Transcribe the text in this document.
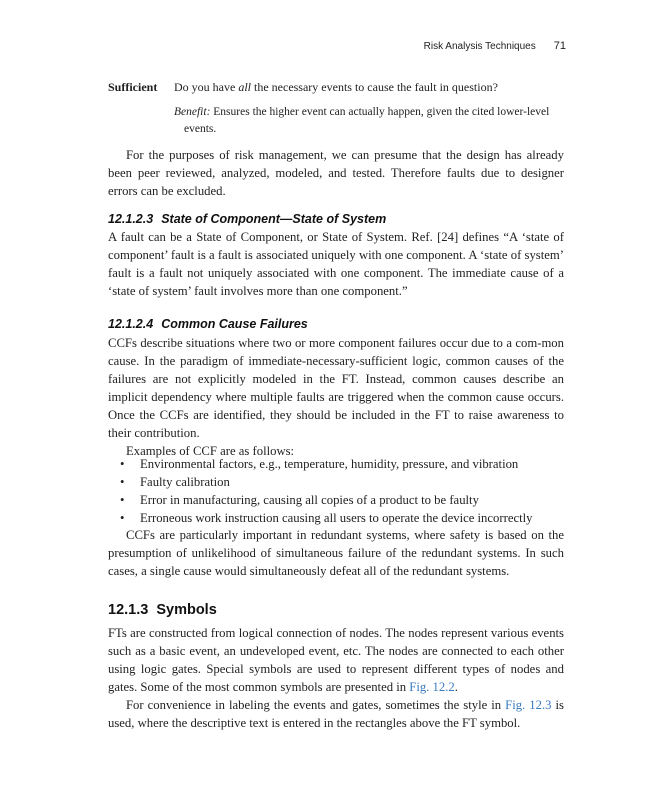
Risk Analysis Techniques 71
Sufficient	Do you have all the necessary events to cause the fault in question?
Benefit: Ensures the higher event can actually happen, given the cited lower-level
events.

For the purposes of risk management, we can presume that the design has already been peer reviewed, analyzed, modeled, and tested. Therefore faults due to designer errors can be excluded.

12.1.2.3 State of Component—State of System

A fault can be a State of Component, or State of System. Ref. [24] defines “A ‘state of component’ fault is a fault is associated uniquely with one component. A ‘state of system’ fault is a fault not uniquely associated with one component. The immediate cause of a ‘state of system’ fault involves more than one component.”

12.1.2.4 Common Cause Failures

CCFs describe situations where two or more component failures occur due to a com-mon cause. In the paradigm of immediate-necessary-sufficient logic, common causes of the failures are not explicitly modeled in the FT. Instead, common causes describe an implicit dependency where multiple faults are triggered when the common cause occurs. Once the CCFs are identified, they should be included in the FT to raise awareness to their contribution.

Examples of CCF are as follows:

• Environmental factors, e.g., temperature, humidity, pressure, and vibration
• Faulty calibration
• Error in manufacturing, causing all copies of a product to be faulty
• Erroneous work instruction causing all users to operate the device incorrectly

CCFs are particularly important in redundant systems, where safety is based on the presumption of unlikelihood of simultaneous failure of the redundant systems. In such cases, a single cause would simultaneously defeat all of the redundant systems.

12.1.3 Symbols

FTs are constructed from logical connection of nodes. The nodes represent various events such as a basic event, an undeveloped event, etc. The nodes are connected to each other using logic gates. Special symbols are used to represent different types of nodes and gates. Some of the most common symbols are presented in Fig. 12.2.

For convenience in labeling the events and gates, sometimes the style in Fig. 12.3 is used, where the descriptive text is entered in the rectangles above the FT symbol.
